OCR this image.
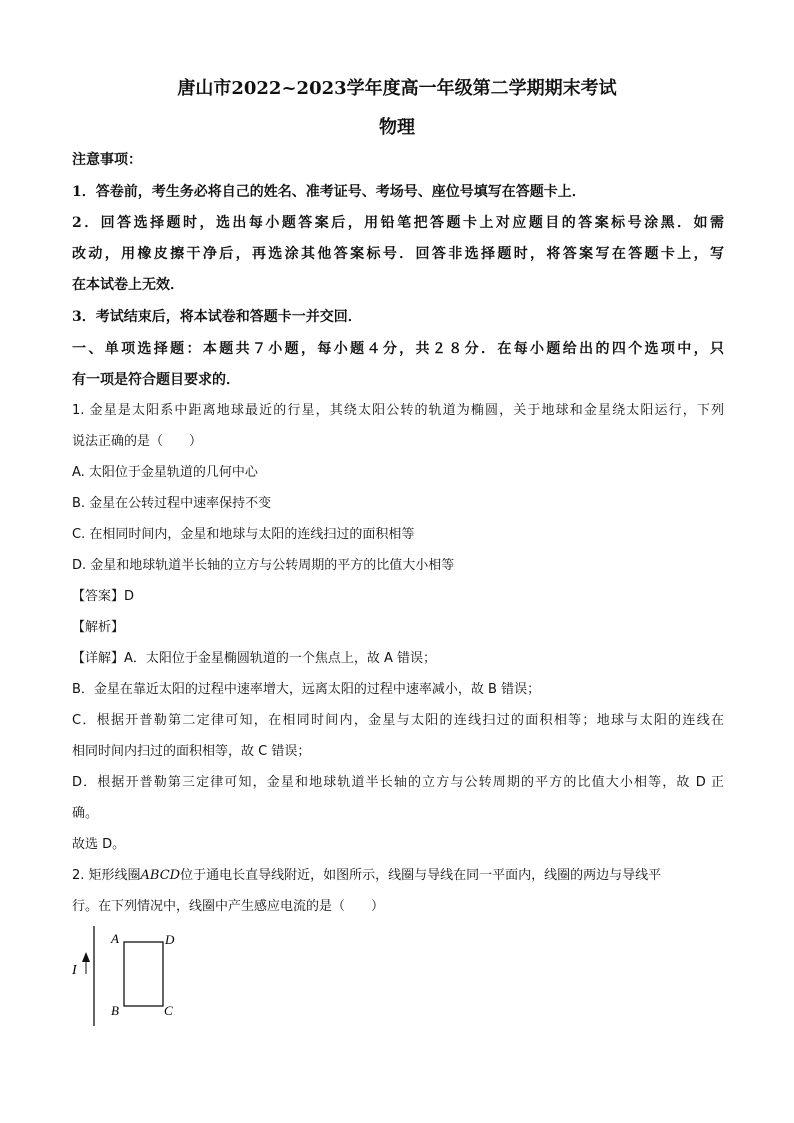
唐山市2022~2023学年度高一年级第二学期期末考试
物理
注意事项：
1．答卷前，考生务必将自己的姓名、准考证号、考场号、座位号填写在答题卡上．
2．回答选择题时，选出每小题答案后，用铅笔把答题卡上对应题目的答案标号涂黑．如需
改动，用橡皮擦干净后，再选涂其他答案标号．回答非选择题时，将答案写在答题卡上，写
在本试卷上无效．
3．考试结束后，将本试卷和答题卡一并交回．
一、单项选择题：本题共７小题，每小题４分，共２８分．在每小题给出的四个选项中，只
有一项是符合题目要求的．
1. 金星是太阳系中距离地球最近的行星，其绕太阳公转的轨道为椭圆，关于地球和金星绕太阳运行，下列
说法正确的是（　　）
A. 太阳位于金星轨道的几何中心
B. 金星在公转过程中速率保持不变
C. 在相同时间内，金星和地球与太阳的连线扫过的面积相等
D. 金星和地球轨道半长轴的立方与公转周期的平方的比值大小相等
【答案】D
【解析】
【详解】A．太阳位于金星椭圆轨道的一个焦点上，故 A 错误；
B．金星在靠近太阳的过程中速率增大，远离太阳的过程中速率减小，故 B 错误；
C．根据开普勒第二定律可知，在相同时间内，金星与太阳的连线扫过的面积相等；地球与太阳的连线在
相同时间内扫过的面积相等，故 C 错误；
D．根据开普勒第三定律可知，金星和地球轨道半长轴的立方与公转周期的平方的比值大小相等，故 D 正
确。
故选 D。
2. 矩形线圈ABCD位于通电长直导线附近，如图所示，线圈与导线在同一平面内，线圈的两边与导线平
行。在下列情况中，线圈中产生感应电流的是（　　）
I
A	D
B	C
